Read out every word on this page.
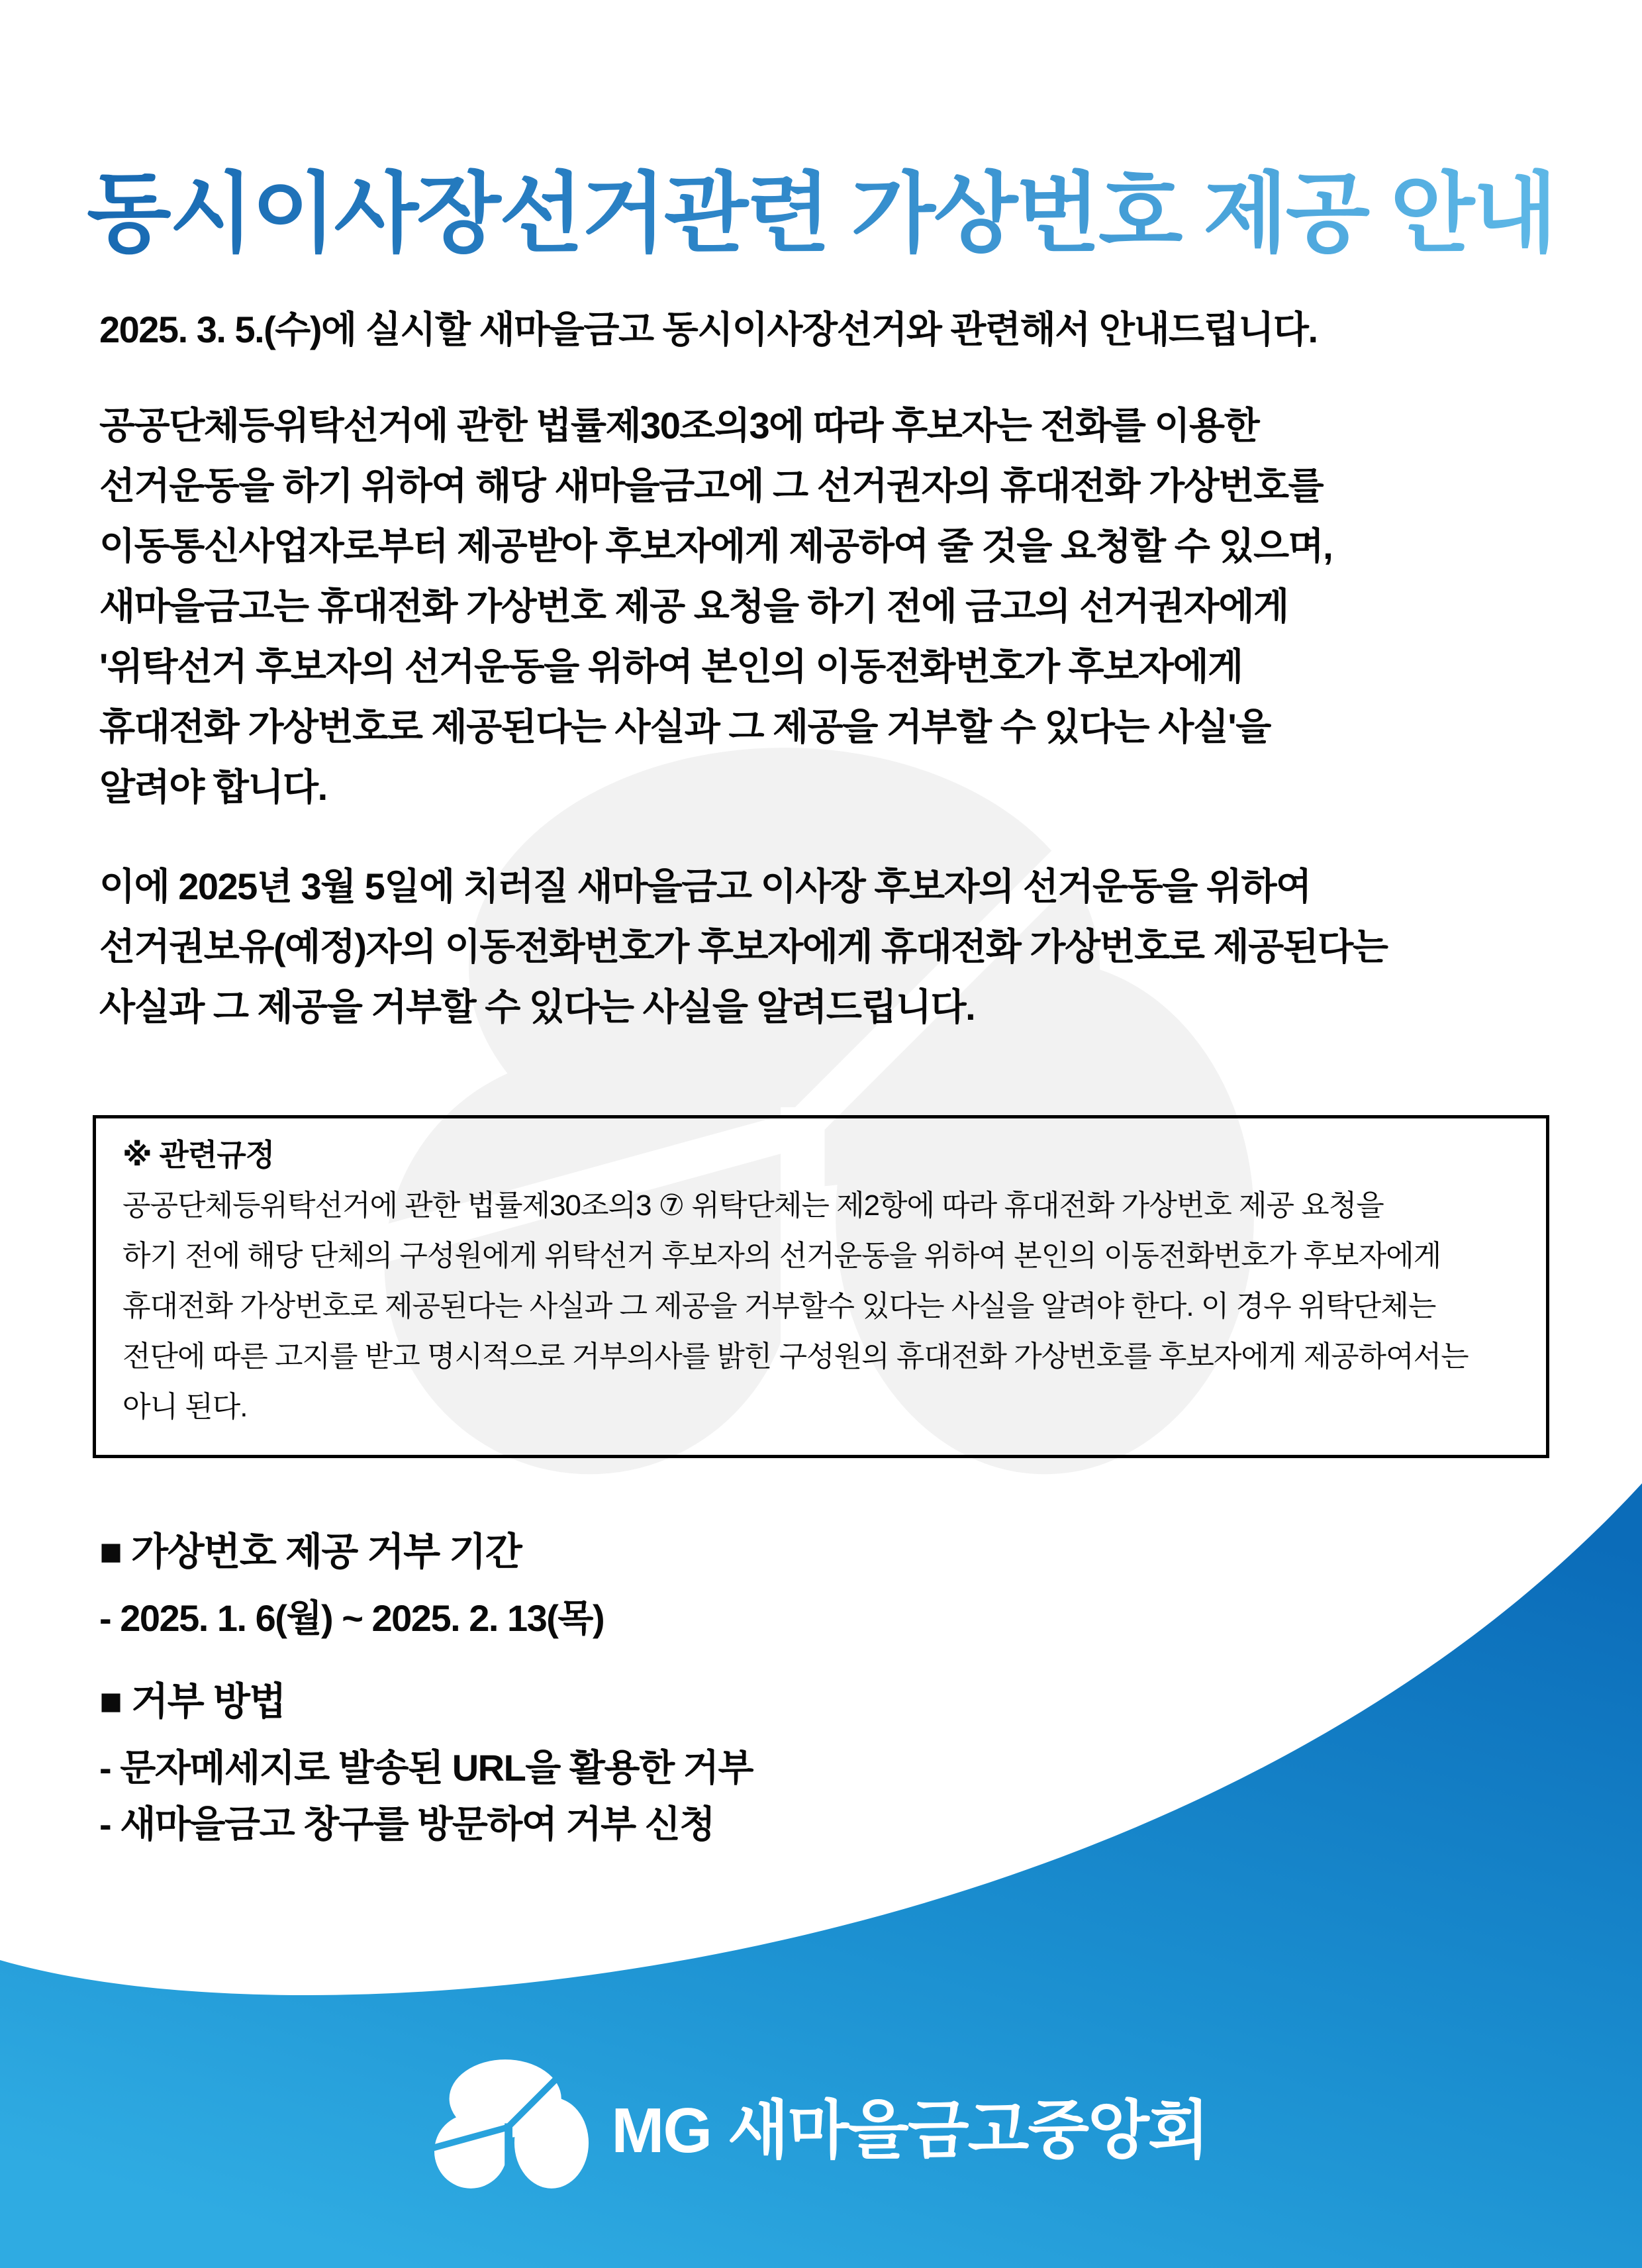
동시이사장선거관련 가상번호 제공 안내
2025. 3. 5.(수)에 실시할 새마을금고 동시이사장선거와 관련해서 안내드립니다.
공공단체등위탁선거에 관한 법률제30조의3에 따라 후보자는 전화를 이용한
선거운동을 하기 위하여 해당 새마을금고에 그 선거권자의 휴대전화 가상번호를
이동통신사업자로부터 제공받아 후보자에게 제공하여 줄 것을 요청할 수 있으며,
새마을금고는 휴대전화 가상번호 제공 요청을 하기 전에 금고의 선거권자에게
'위탁선거 후보자의 선거운동을 위하여 본인의 이동전화번호가 후보자에게
휴대전화 가상번호로 제공된다는 사실과 그 제공을 거부할 수 있다는 사실'을
알려야 합니다.
이에 2025년 3월 5일에 치러질 새마을금고 이사장 후보자의 선거운동을 위하여
선거권보유(예정)자의 이동전화번호가 후보자에게 휴대전화 가상번호로 제공된다는
사실과 그 제공을 거부할 수 있다는 사실을 알려드립니다.
※ 관련규정
공공단체등위탁선거에 관한 법률제30조의3 ⑦ 위탁단체는 제2항에 따라 휴대전화 가상번호 제공 요청을
하기 전에 해당 단체의 구성원에게 위탁선거 후보자의 선거운동을 위하여 본인의 이동전화번호가 후보자에게
휴대전화 가상번호로 제공된다는 사실과 그 제공을 거부할수 있다는 사실을 알려야 한다. 이 경우 위탁단체는
전단에 따른 고지를 받고 명시적으로 거부의사를 밝힌 구성원의 휴대전화 가상번호를 후보자에게 제공하여서는
아니 된다.
■ 가상번호 제공 거부 기간
- 2025. 1. 6(월) ~ 2025. 2. 13(목)
■ 거부 방법
- 문자메세지로 발송된 URL을 활용한 거부
- 새마을금고 창구를 방문하여 거부 신청
MG 새마을금고중앙회
